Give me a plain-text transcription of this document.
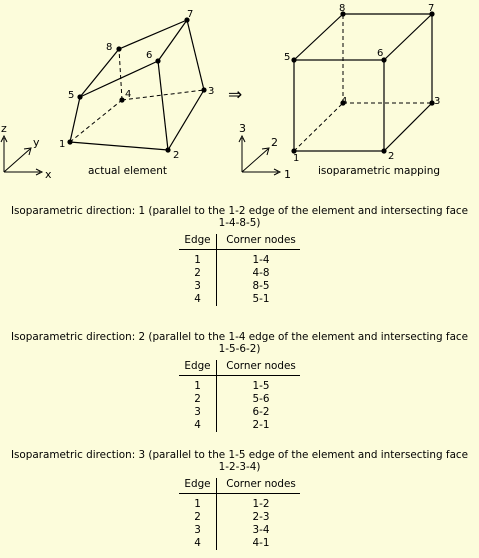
1
2
3
4
5
6
7
8
z
y
x	actual element
⇒
1	2
3
4
5	6
7
8
3
2
1	isoparametric mapping
Isoparametric direction: 1 (parallel to the 1-2 edge of the element and intersecting face 1-4-8-5)
Edge	Corner nodes
1	1-4
2	4-8
3	8-5
4	5-1
Isoparametric direction: 2 (parallel to the 1-4 edge of the element and intersecting face 1-5-6-2)
Edge	Corner nodes
1	1-5
2	5-6
3	6-2
4	2-1
Isoparametric direction: 3 (parallel to the 1-5 edge of the element and intersecting face 1-2-3-4)
Edge	Corner nodes
1	1-2
2	2-3
3	3-4
4	4-1
